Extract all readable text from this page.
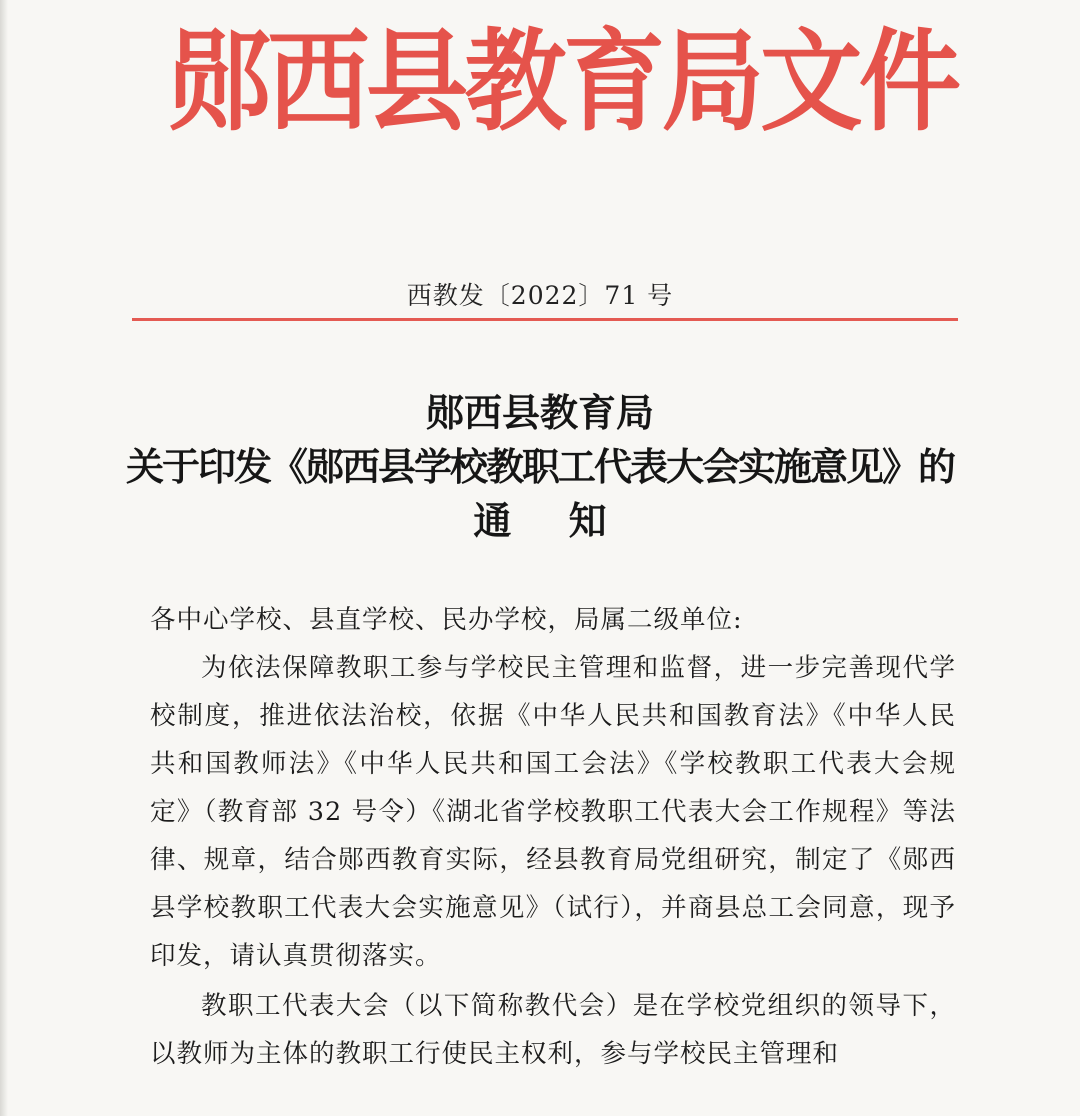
郧西县教育局文件
西教发〔2022〕71 号
郧西县教育局
关于印发《郧西县学校教职工代表大会实施意见》的
通 知
各中心学校、县直学校、民办学校，局属二级单位:
为依法保障教职工参与学校民主管理和监督，进一步完善现代学校制度，推进依法治校，依据《中华人民共和国教育法》《中华人民共和国教师法》《中华人民共和国工会法》《学校教职工代表大会规定》（教育部 32 号令）《湖北省学校教职工代表大会工作规程》等法律、规章，结合郧西教育实际，经县教育局党组研究，制定了《郧西县学校教职工代表大会实施意见》（试行），并商县总工会同意，现予印发，请认真贯彻落实。
教职工代表大会（以下简称教代会）是在学校党组织的领导下，以教师为主体的教职工行使民主权利，参与学校民主管理和
